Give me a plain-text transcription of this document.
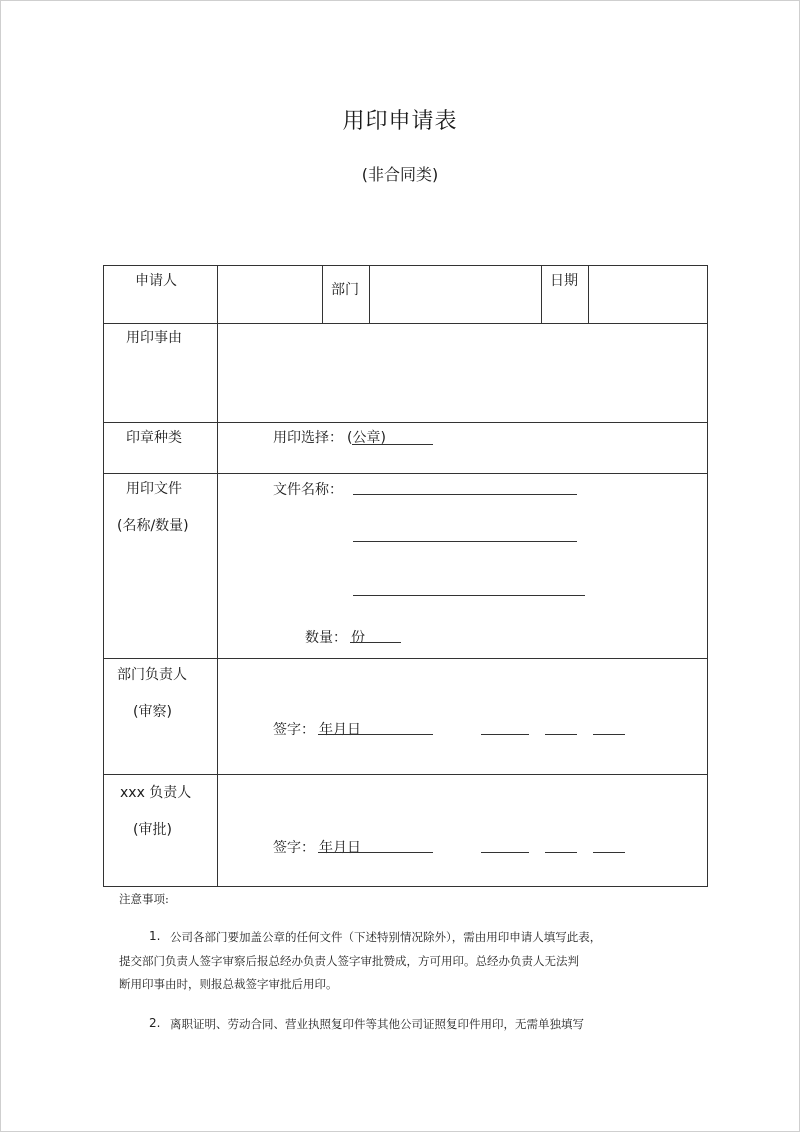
用印申请表
(非合同类)
申请人
部门
日期
用印事由
印章种类	用印选择： (公章)
用印文件
(名称/数量)
文件名称：
数量： 份
部门负责人
(审察)
签字： 年月日
xxx 负责人
(审批)
签字： 年月日
注意事项:
1. 公司各部门要加盖公章的任何文件（下述特别情况除外），需由用印申请人填写此表，
提交部门负责人签字审察后报总经办负责人签字审批赞成，方可用印。总经办负责人无法判
断用印事由时，则报总裁签字审批后用印。
2. 离职证明、劳动合同、营业执照复印件等其他公司证照复印件用印，无需单独填写
